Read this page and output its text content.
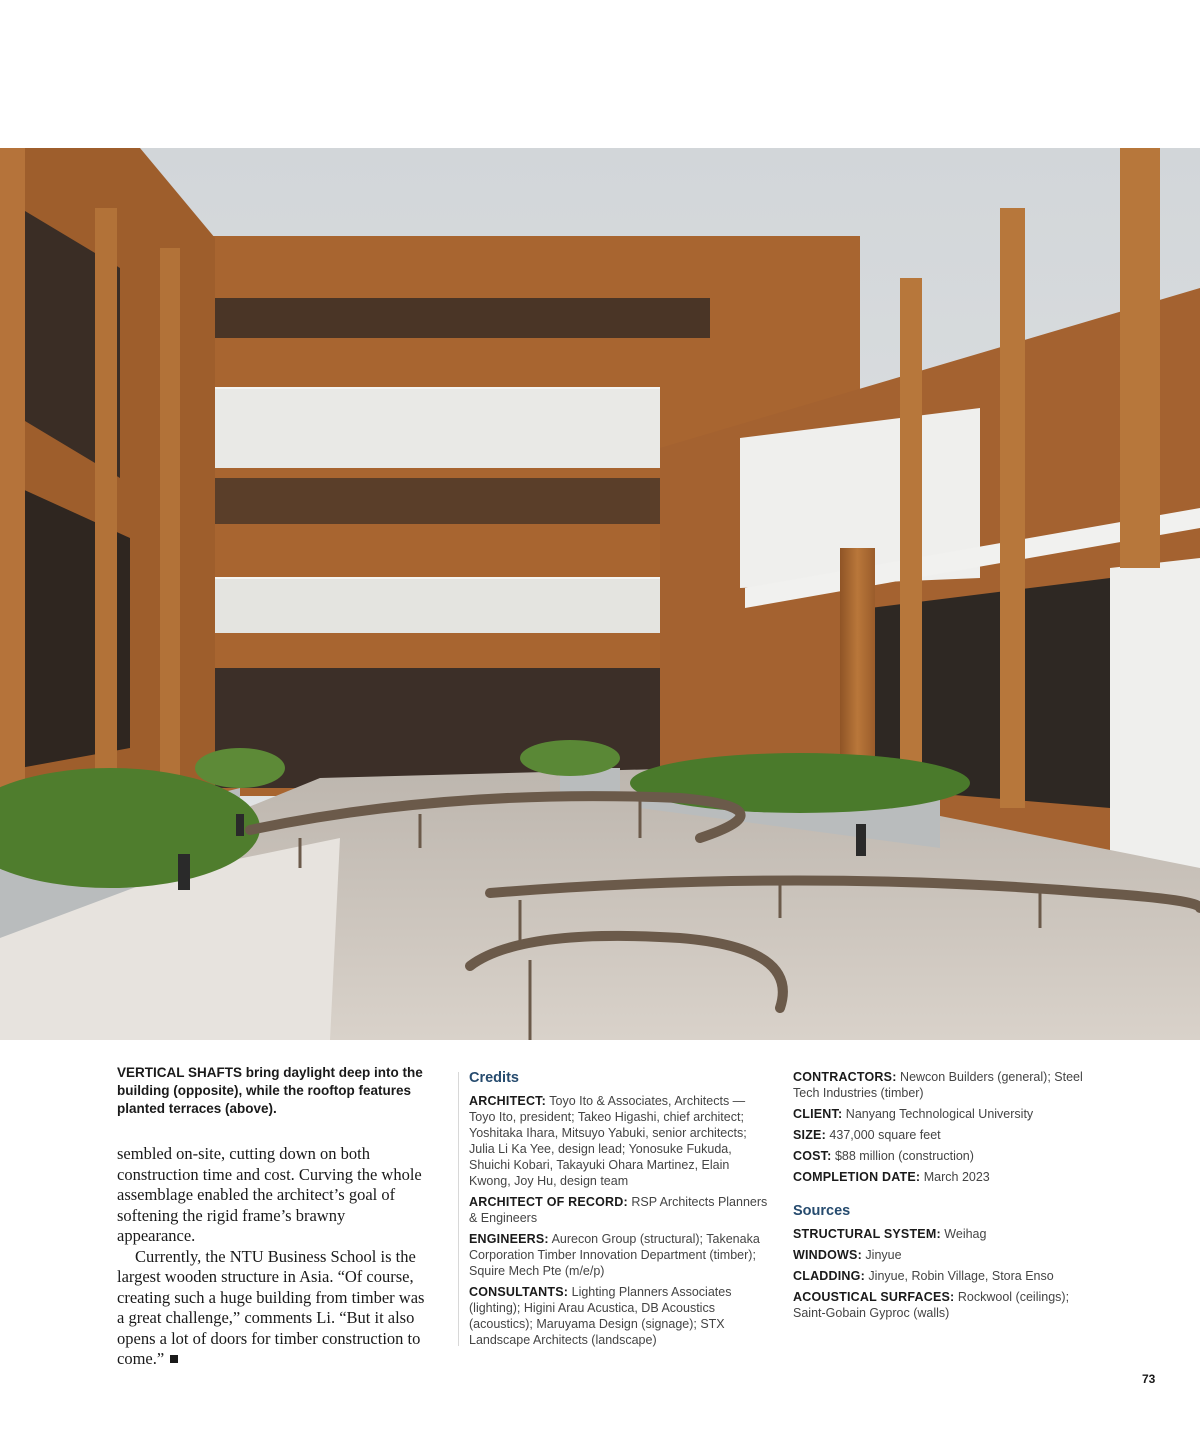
VERTICAL SHAFTS bring daylight deep into the building (opposite), while the rooftop features planted terraces (above).

sembled on-site, cutting down on both construction time and cost. Curving the whole assemblage enabled the architect’s goal of softening the rigid frame’s brawny appearance.

Currently, the NTU Business School is the largest wooden structure in Asia. “Of course, creating such a huge building from timber was a great challenge,” comments Li. “But it also opens a lot of doors for timber construction to come.”

Credits
ARCHITECT: Toyo Ito & Associates, Architects — Toyo Ito, president; Takeo Higashi, chief architect; Yoshitaka Ihara, Mitsuyo Yabuki, senior architects; Julia Li Ka Yee, design lead; Yonosuke Fukuda, Shuichi Kobari, Takayuki Ohara Martinez, Elain Kwong, Joy Hu, design team
ARCHITECT OF RECORD: RSP Architects Planners & Engineers
ENGINEERS: Aurecon Group (structural); Takenaka Corporation Timber Innovation Department (timber); Squire Mech Pte (m/e/p)
CONSULTANTS: Lighting Planners Associates (lighting); Higini Arau Acustica, DB Acoustics (acoustics); Maruyama Design (signage); STX Landscape Architects (landscape)
CONTRACTORS: Newcon Builders (general); Steel Tech Industries (timber)
CLIENT: Nanyang Technological University
SIZE: 437,000 square feet
COST: $88 million (construction)
COMPLETION DATE: March 2023
Sources
STRUCTURAL SYSTEM: Weihag
WINDOWS: Jinyue
CLADDING: Jinyue, Robin Village, Stora Enso
ACOUSTICAL SURFACES: Rockwool (ceilings); Saint-Gobain Gyproc (walls)
73
